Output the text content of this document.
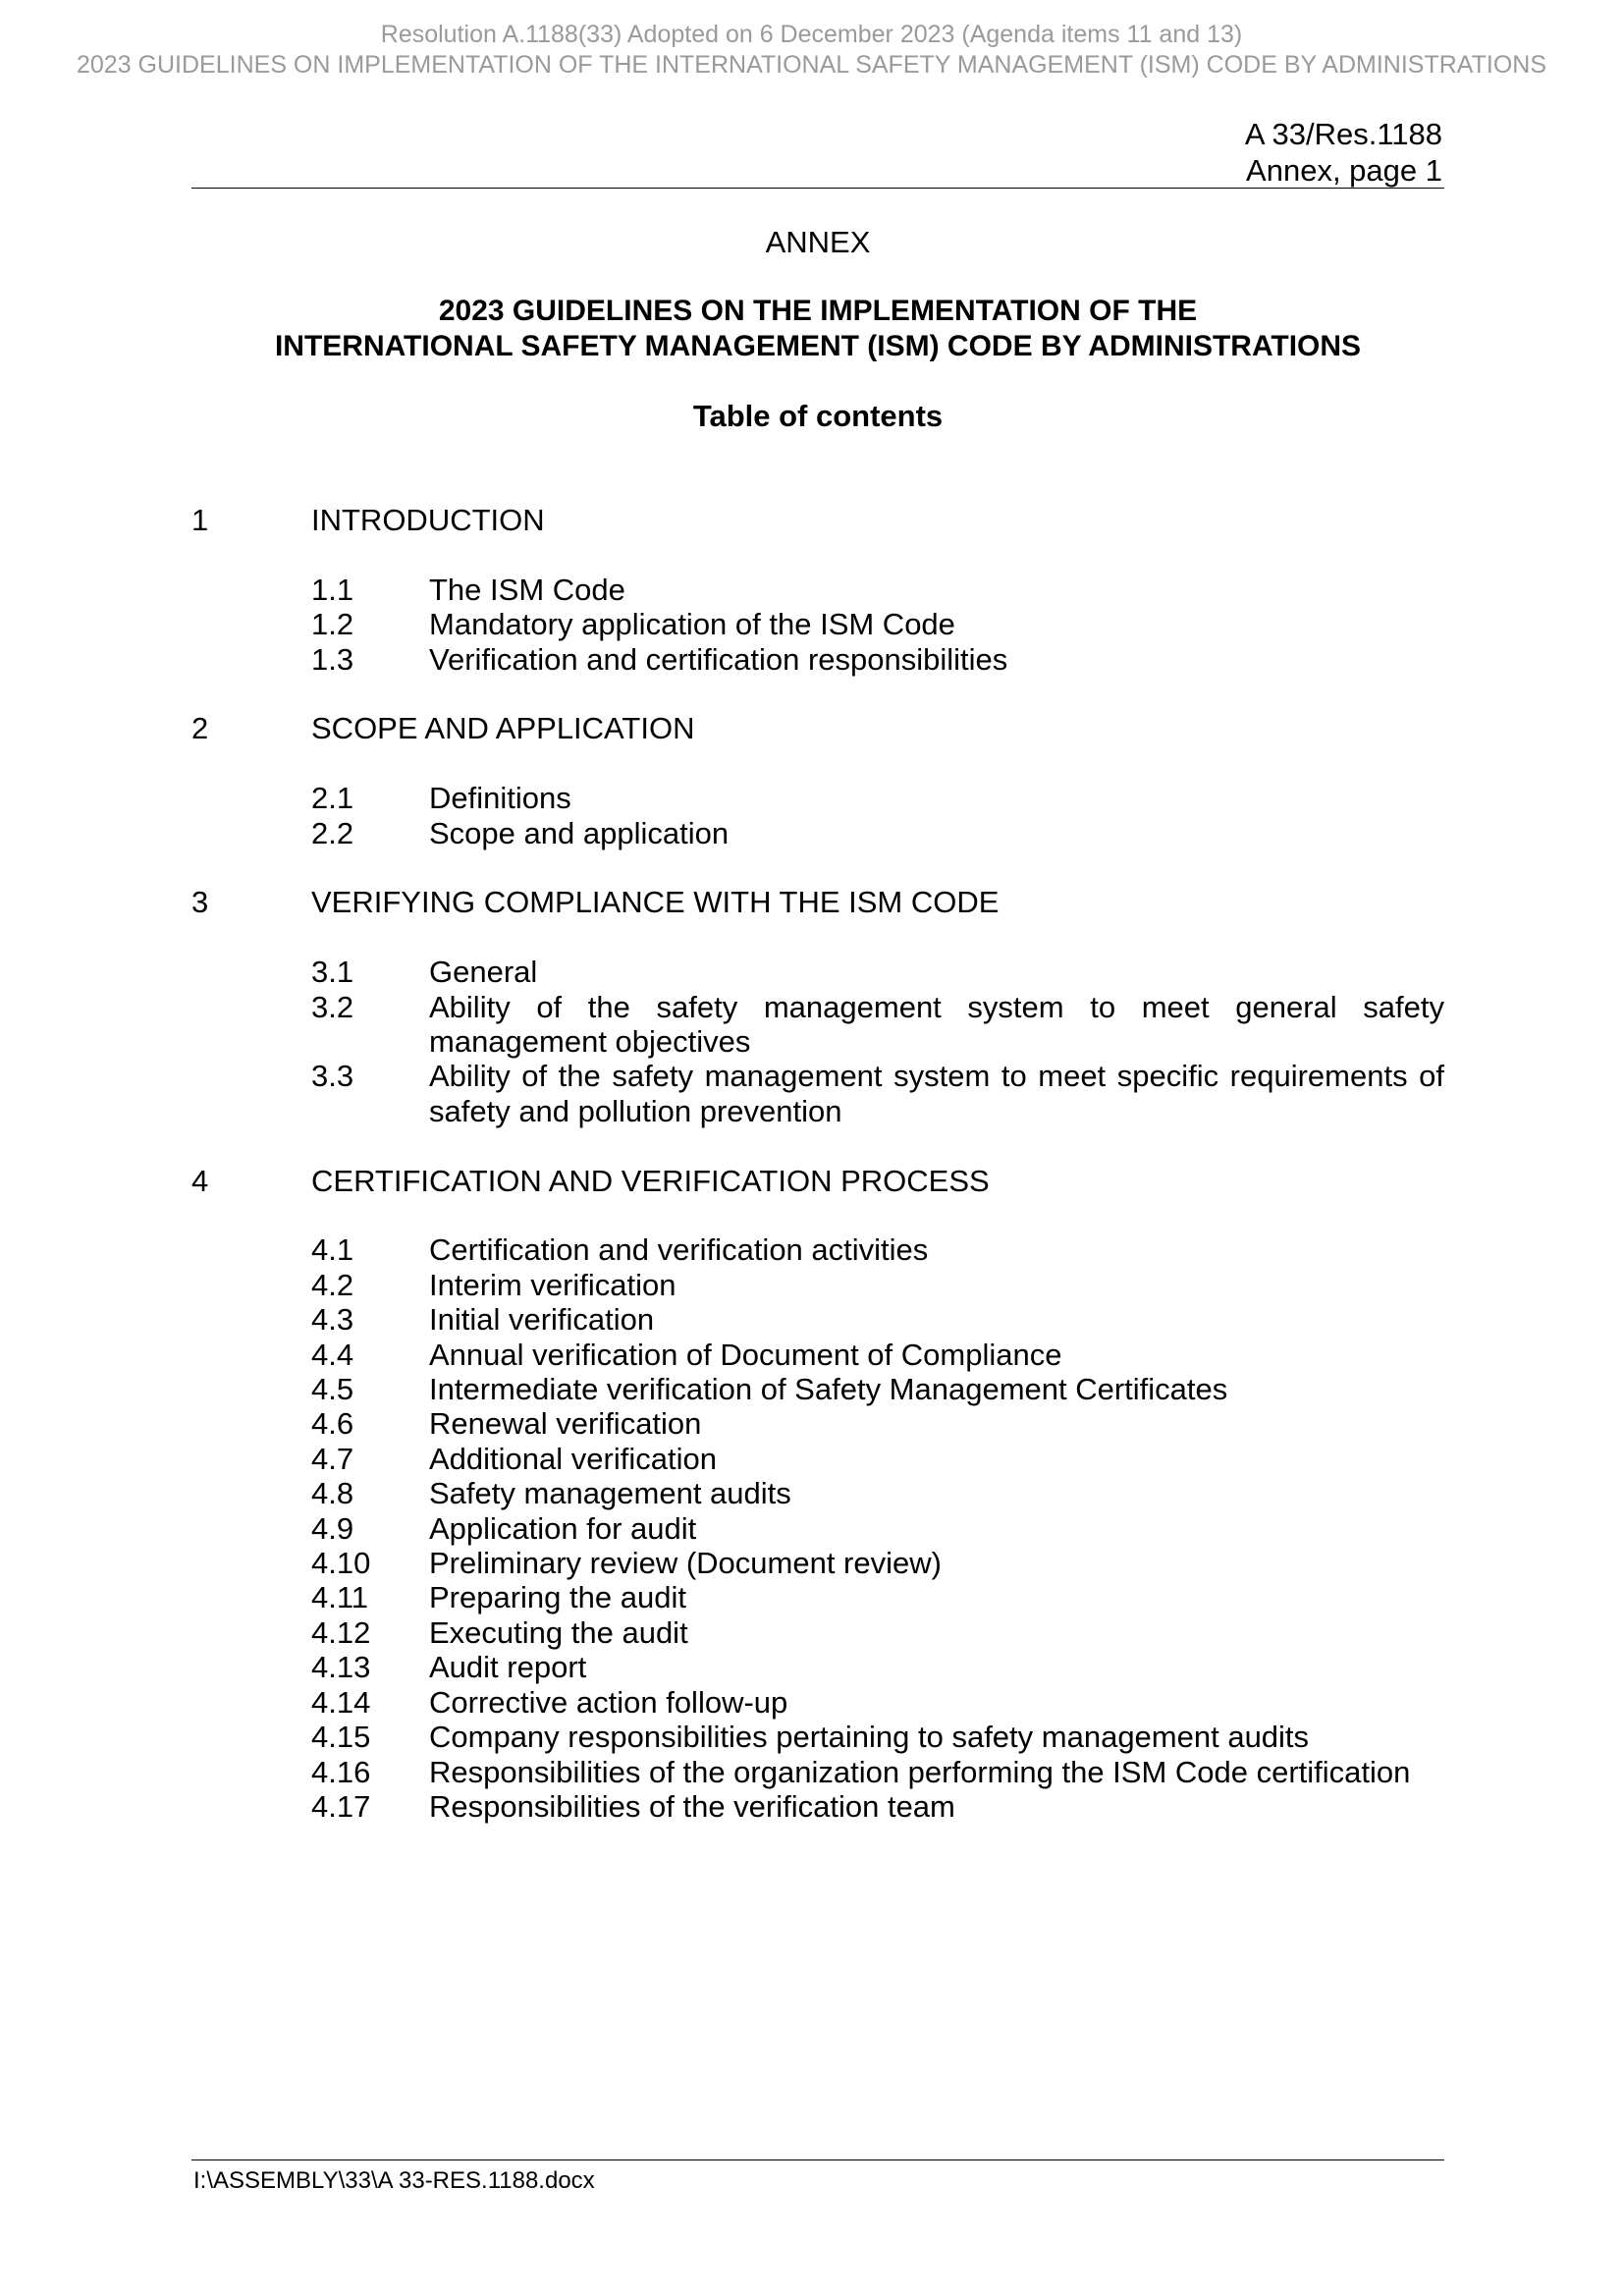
Resolution A.1188(33) Adopted on 6 December 2023 (Agenda items 11 and 13)
2023 GUIDELINES ON IMPLEMENTATION OF THE INTERNATIONAL SAFETY MANAGEMENT (ISM) CODE BY ADMINISTRATIONS
A 33/Res.1188
Annex, page 1
ANNEX
2023 GUIDELINES ON THE IMPLEMENTATION OF THE
INTERNATIONAL SAFETY MANAGEMENT (ISM) CODE BY ADMINISTRATIONS
Table of contents
1	INTRODUCTION
1.1	The ISM Code
1.2	Mandatory application of the ISM Code
1.3	Verification and certification responsibilities
2	SCOPE AND APPLICATION
2.1	Definitions
2.2	Scope and application
3	VERIFYING COMPLIANCE WITH THE ISM CODE
3.1	General
3.2	Ability of the safety management system to meet general safety management objectives
3.3	Ability of the safety management system to meet specific requirements of safety and pollution prevention
4	CERTIFICATION AND VERIFICATION PROCESS
4.1	Certification and verification activities
4.2	Interim verification
4.3	Initial verification
4.4	Annual verification of Document of Compliance
4.5	Intermediate verification of Safety Management Certificates
4.6	Renewal verification
4.7	Additional verification
4.8	Safety management audits
4.9	Application for audit
4.10	Preliminary review (Document review)
4.11	Preparing the audit
4.12	Executing the audit
4.13	Audit report
4.14	Corrective action follow-up
4.15	Company responsibilities pertaining to safety management audits
4.16	Responsibilities of the organization performing the ISM Code certification
4.17	Responsibilities of the verification team
I:\ASSEMBLY\33\A 33-RES.1188.docx
